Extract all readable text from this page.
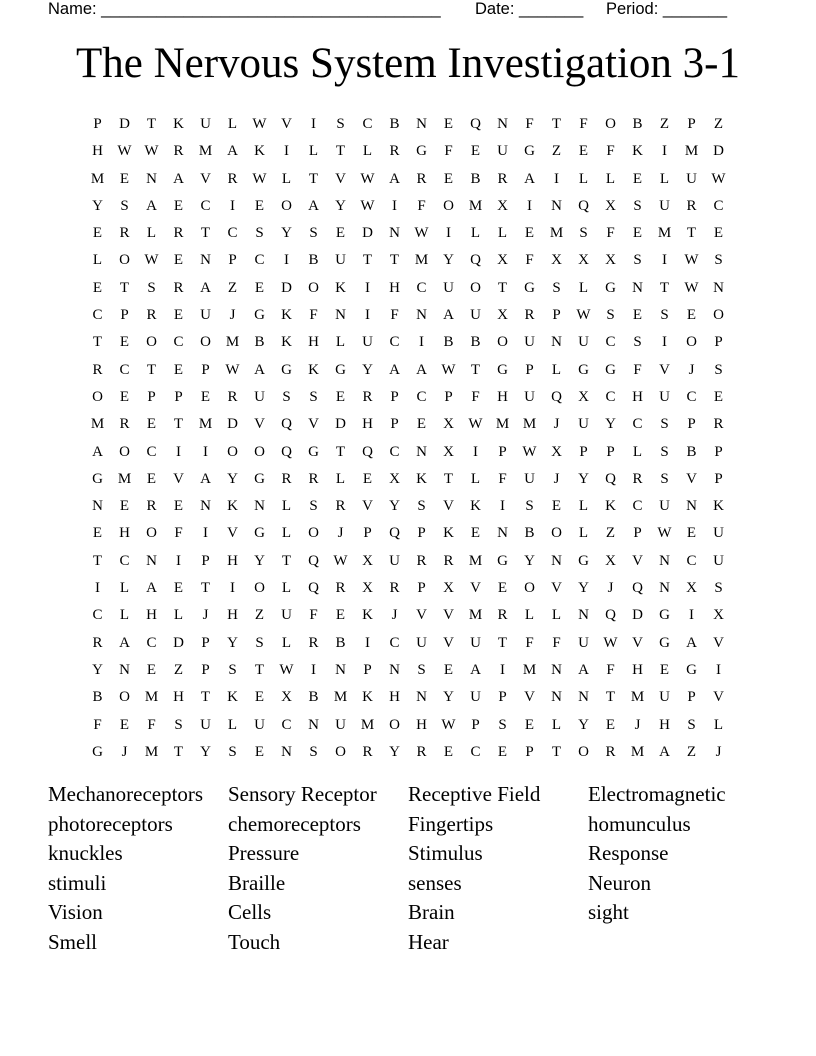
Name: _____________________________________

Date: _______

Period: _______

The Nervous System Investigation 3-1
P	D	T	K	U	L	W V	I	S	C	B	N	E	Q	N	F	T	F	O	B	Z	P	Z
H W W R	M A	K	I	L	T	L	R	G	F	E	U	G	Z	E	F	K	I	M D
M	E	N	A	V	R W	L	T	V W A	R	E	B	R	A	I	L	L	E	L	U W
Y	S	A	E	C	I	E	O	A	Y W	I	F	O M X	I	N	Q	X	S	U	R	C
E	R	L	R	T	C	S	Y	S	E	D	N W	I	L	L	E	M	S	F	E	M	T	E
L	O W	E	N	P	C	I	B	U	T	T	M Y	Q	X	F	X	X	X	S	I	W	S
E	T	S	R	A	Z	E	D	O	K	I	H	C	U	O	T	G	S	L	G	N	T	W N
C	P	R	E	U	J	G	K	F	N	I	F	N	A	U	X	R	P	W	S	E	S	E	O
T	E	O	C	O M	B	K	H	L	U	C	I	B	B	O	U	N	U	C	S	I	O	P
R	C	T	E	P	W A	G	K	G	Y	A	A W	T	G	P	L	G	G	F	V	J	S
O	E	P	P	E	R	U	S	S	E	R	P	C	P	F	H	U	Q	X	C	H	U	C	E
M	R	E	T	M D	V	Q	V	D	H	P	E	X W M M	J	U	Y	C	S	P	R
A	O	C	I	I	O	O	Q	G	T	Q	C	N	X	I	P	W X	P	P	L	S	B	P
G M	E	V	A	Y	G	R	R	L	E	X	K	T	L	F	U	J	Y	Q	R	S	V	P
N	E	R	E	N	K	N	L	S	R	V	Y	S	V	K	I	S	E	L	K	C	U	N	K
E	H	O	F	I	V	G	L	O	J	P	Q	P	K	E	N	B	O	L	Z	P	W	E	U
T	C	N	I	P	H	Y	T	Q W X	U	R	R	M G	Y	N	G	X	V	N	C	U
I	L	A	E	T	I	O	L	Q	R	X	R	P	X	V	E	O	V	Y	J	Q	N	X	S
C	L	H	L	J	H	Z	U	F	E	K	J	V	V M	R	L	L	N	Q	D	G	I	X
R	A	C	D	P	Y	S	L	R	B	I	C	U	V	U	T	F	F	U W V	G	A	V
Y	N	E	Z	P	S	T	W	I	N	P	N	S	E	A	I	M N	A	F	H	E	G	I
B	O M H	T	K	E	X	B	M K	H	N	Y	U	P	V	N	N	T	M U	P	V
F	E	F	S	U	L	U	C	N	U M O	H W	P	S	E	L	Y	E	J	H	S	L
G	J	M	T	Y	S	E	N	S	O	R	Y	R	E	C	E	P	T	O	R	M A	Z	J
Mechanoreceptors
photoreceptors
knuckles
stimuli
Vision
Smell
Sensory Receptor
chemoreceptors
Pressure
Braille
Cells
Touch
Receptive Field
Fingertips
Stimulus
senses
Brain
Hear
Electromagnetic
homunculus
Response
Neuron
sight
